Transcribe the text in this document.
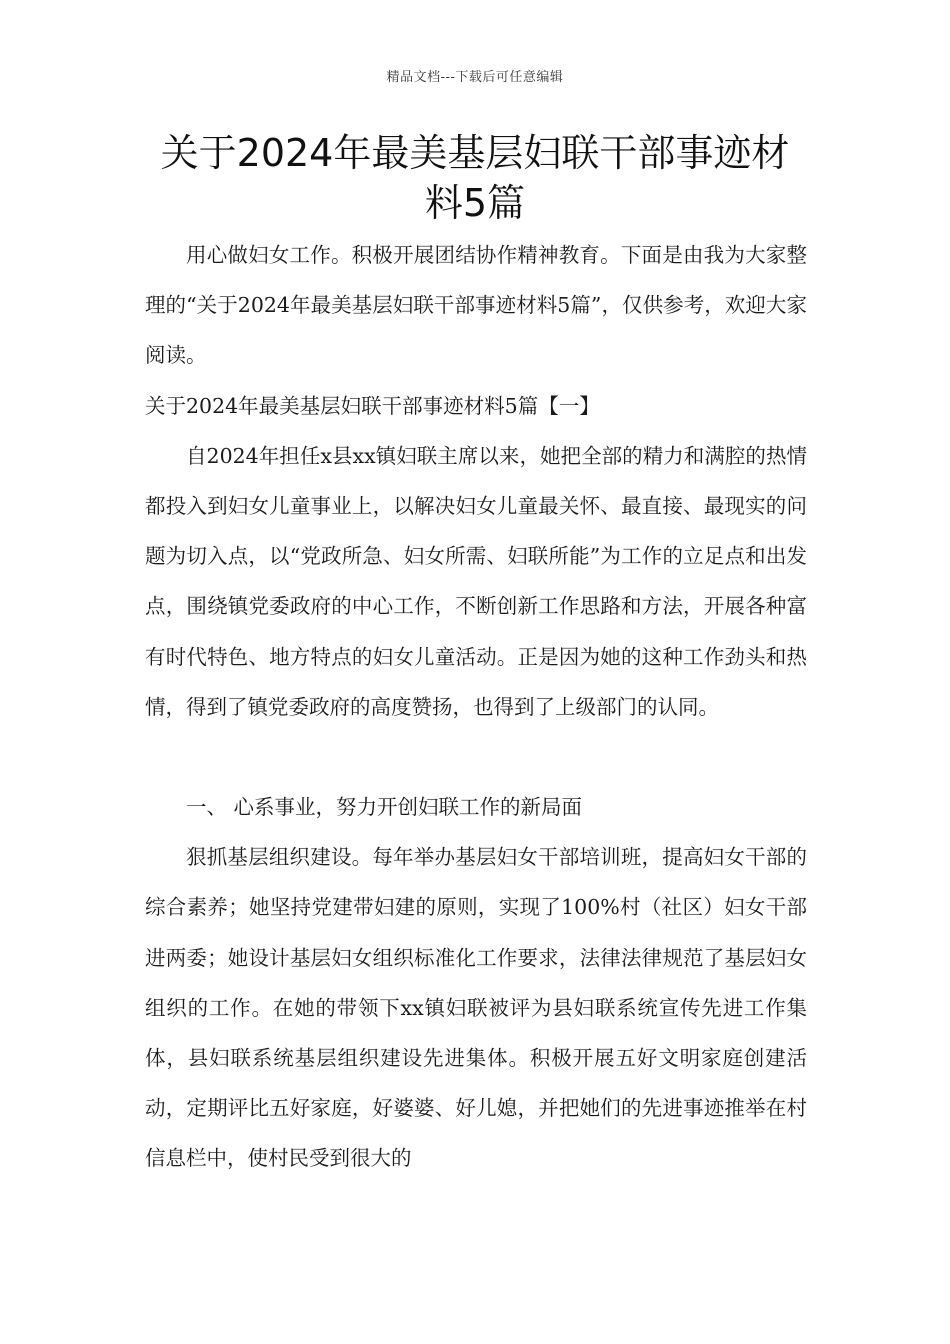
精品文档---下载后可任意编辑
关于2024年最美基层妇联干部事迹材料5篇

用心做妇女工作。积极开展团结协作精神教育。下面是由我为大家整理的“关于2024年最美基层妇联干部事迹材料5篇”，仅供参考，欢迎大家阅读。

关于2024年最美基层妇联干部事迹材料5篇【一】

自2024年担任x县xx镇妇联主席以来，她把全部的精力和满腔的热情都投入到妇女儿童事业上，以解决妇女儿童最关怀、最直接、最现实的问题为切入点，以“党政所急、妇女所需、妇联所能”为工作的立足点和出发点，围绕镇党委政府的中心工作，不断创新工作思路和方法，开展各种富有时代特色、地方特点的妇女儿童活动。正是因为她的这种工作劲头和热情，得到了镇党委政府的高度赞扬，也得到了上级部门的认同。

一、 心系事业，努力开创妇联工作的新局面

狠抓基层组织建设。每年举办基层妇女干部培训班，提高妇女干部的综合素养；她坚持党建带妇建的原则，实现了100%村（社区）妇女干部进两委；她设计基层妇女组织标准化工作要求，法律法律规范了基层妇女组织的工作。在她的带领下xx镇妇联被评为县妇联系统宣传先进工作集体，县妇联系统基层组织建设先进集体。积极开展五好文明家庭创建活动，定期评比五好家庭，好婆婆、好儿媳，并把她们的先进事迹推举在村信息栏中，使村民受到很大的
